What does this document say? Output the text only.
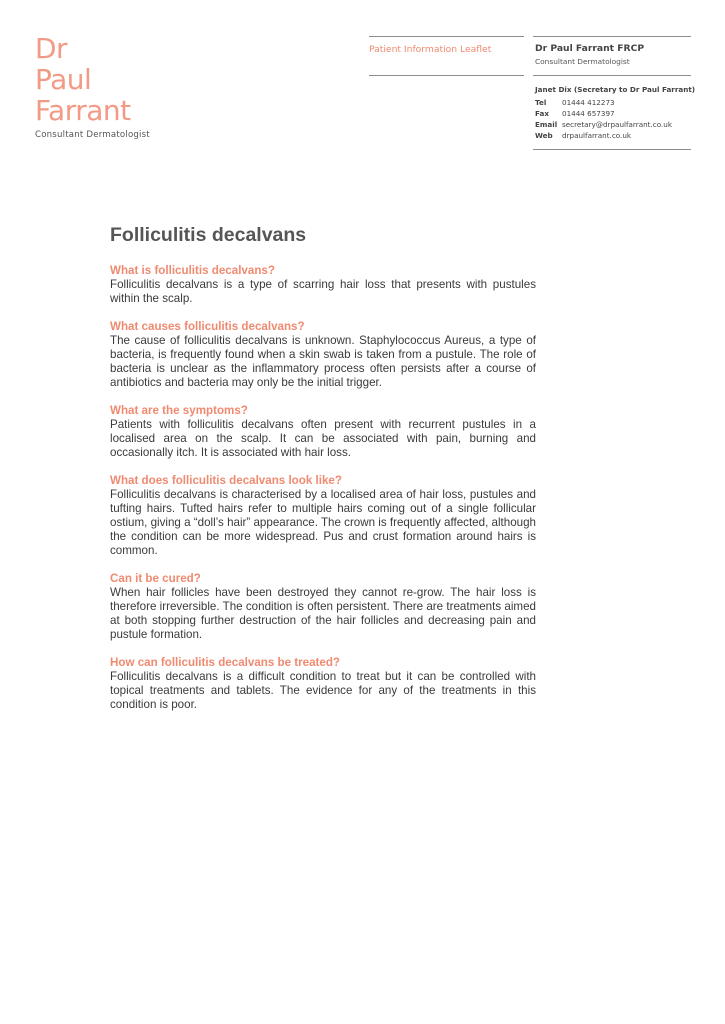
Dr
Paul
Farrant
Consultant Dermatologist
Patient Information Leaflet	Dr Paul Farrant FRCP
Consultant Dermatologist
Janet Dix (Secretary to Dr Paul Farrant)
Tel	01444 412273
Fax	01444 657397
Email secretary@drpaulfarrant.co.uk
Web	drpaulfarrant.co.uk
Folliculitis decalvans
What is folliculitis decalvans?

Folliculitis decalvans is a type of scarring hair loss that presents with pustules within the scalp.

What causes folliculitis decalvans?

The cause of folliculitis decalvans is unknown. Staphylococcus Aureus, a type of bacteria, is frequently found when a skin swab is taken from a pustule. The role of bacteria is unclear as the inflammatory process often persists after a course of antibiotics and bacteria may only be the initial trigger.

What are the symptoms?

Patients with folliculitis decalvans often present with recurrent pustules in a localised area on the scalp. It can be associated with pain, burning and occasionally itch. It is associated with hair loss.

What does folliculitis decalvans look like?

Folliculitis decalvans is characterised by a localised area of hair loss, pustules and tufting hairs. Tufted hairs refer to multiple hairs coming out of a single follicular ostium, giving a “doll’s hair” appearance. The crown is frequently affected, although the condition can be more widespread. Pus and crust formation around hairs is common.

Can it be cured?

When hair follicles have been destroyed they cannot re-grow. The hair loss is therefore irreversible. The condition is often persistent. There are treatments aimed at both stopping further destruction of the hair follicles and decreasing pain and pustule formation.

How can folliculitis decalvans be treated?

Folliculitis decalvans is a difficult condition to treat but it can be controlled with topical treatments and tablets. The evidence for any of the treatments in this condition is poor.
